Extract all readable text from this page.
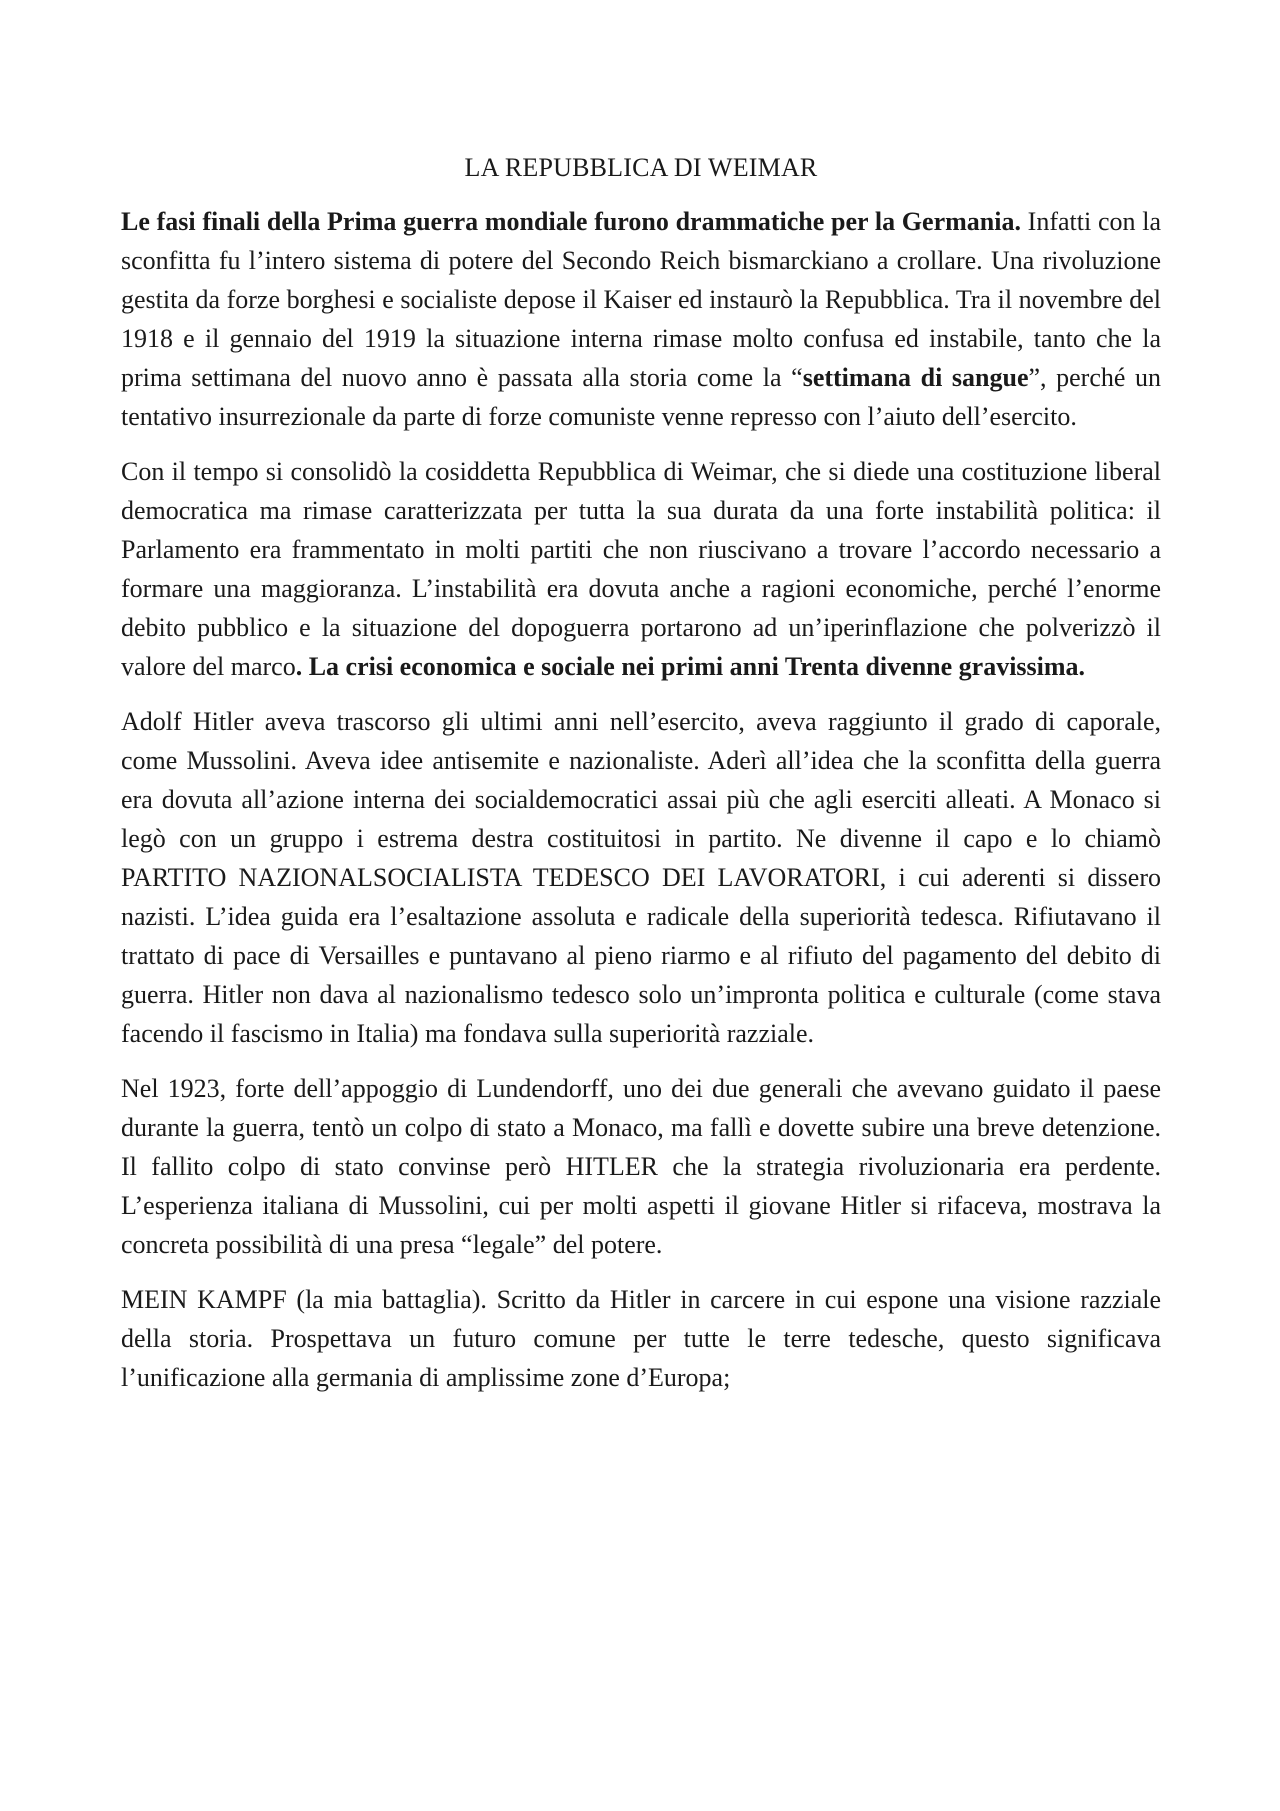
LA REPUBBLICA DI WEIMAR

Le fasi finali della Prima guerra mondiale furono drammatiche per la Germania. Infatti con la sconfitta fu l’intero sistema di potere del Secondo Reich bismarckiano a crollare. Una rivoluzione gestita da forze borghesi e socialiste depose il Kaiser ed instaurò la Repubblica. Tra il novembre del 1918 e il gennaio del 1919 la situazione interna rimase molto confusa ed instabile, tanto che la prima settimana del nuovo anno è passata alla storia come la “settimana di sangue”, perché un tentativo insurrezionale da parte di forze comuniste venne represso con l’aiuto dell’esercito.

Con il tempo si consolidò la cosiddetta Repubblica di Weimar, che si diede una costituzione liberal democratica ma rimase caratterizzata per tutta la sua durata da una forte instabilità politica: il Parlamento era frammentato in molti partiti che non riuscivano a trovare l’accordo necessario a formare una maggioranza. L’instabilità era dovuta anche a ragioni economiche, perché l’enorme debito pubblico e la situazione del dopoguerra portarono ad un’iperinflazione che polverizzò il valore del marco. La crisi economica e sociale nei primi anni Trenta divenne gravissima.

Adolf Hitler aveva trascorso gli ultimi anni nell’esercito, aveva raggiunto il grado di caporale, come Mussolini. Aveva idee antisemite e nazionaliste. Aderì all’idea che la sconfitta della guerra era dovuta all’azione interna dei socialdemocratici assai più che agli eserciti alleati. A Monaco si legò con un gruppo i estrema destra costituitosi in partito. Ne divenne il capo e lo chiamò PARTITO NAZIONALSOCIALISTA TEDESCO DEI LAVORATORI, i cui aderenti si dissero nazisti. L’idea guida era l’esaltazione assoluta e radicale della superiorità tedesca. Rifiutavano il trattato di pace di Versailles e puntavano al pieno riarmo e al rifiuto del pagamento del debito di guerra. Hitler non dava al nazionalismo tedesco solo un’impronta politica e culturale (come stava facendo il fascismo in Italia) ma fondava sulla superiorità razziale.

Nel 1923, forte dell’appoggio di Lundendorff, uno dei due generali che avevano guidato il paese durante la guerra, tentò un colpo di stato a Monaco, ma fallì e dovette subire una breve detenzione. Il fallito colpo di stato convinse però HITLER che la strategia rivoluzionaria era perdente. L’esperienza italiana di Mussolini, cui per molti aspetti il giovane Hitler si rifaceva, mostrava la concreta possibilità di una presa “legale” del potere.

MEIN KAMPF (la mia battaglia). Scritto da Hitler in carcere in cui espone una visione razziale della storia. Prospettava un futuro comune per tutte le terre tedesche, questo significava l’unificazione alla germania di amplissime zone d’Europa;
